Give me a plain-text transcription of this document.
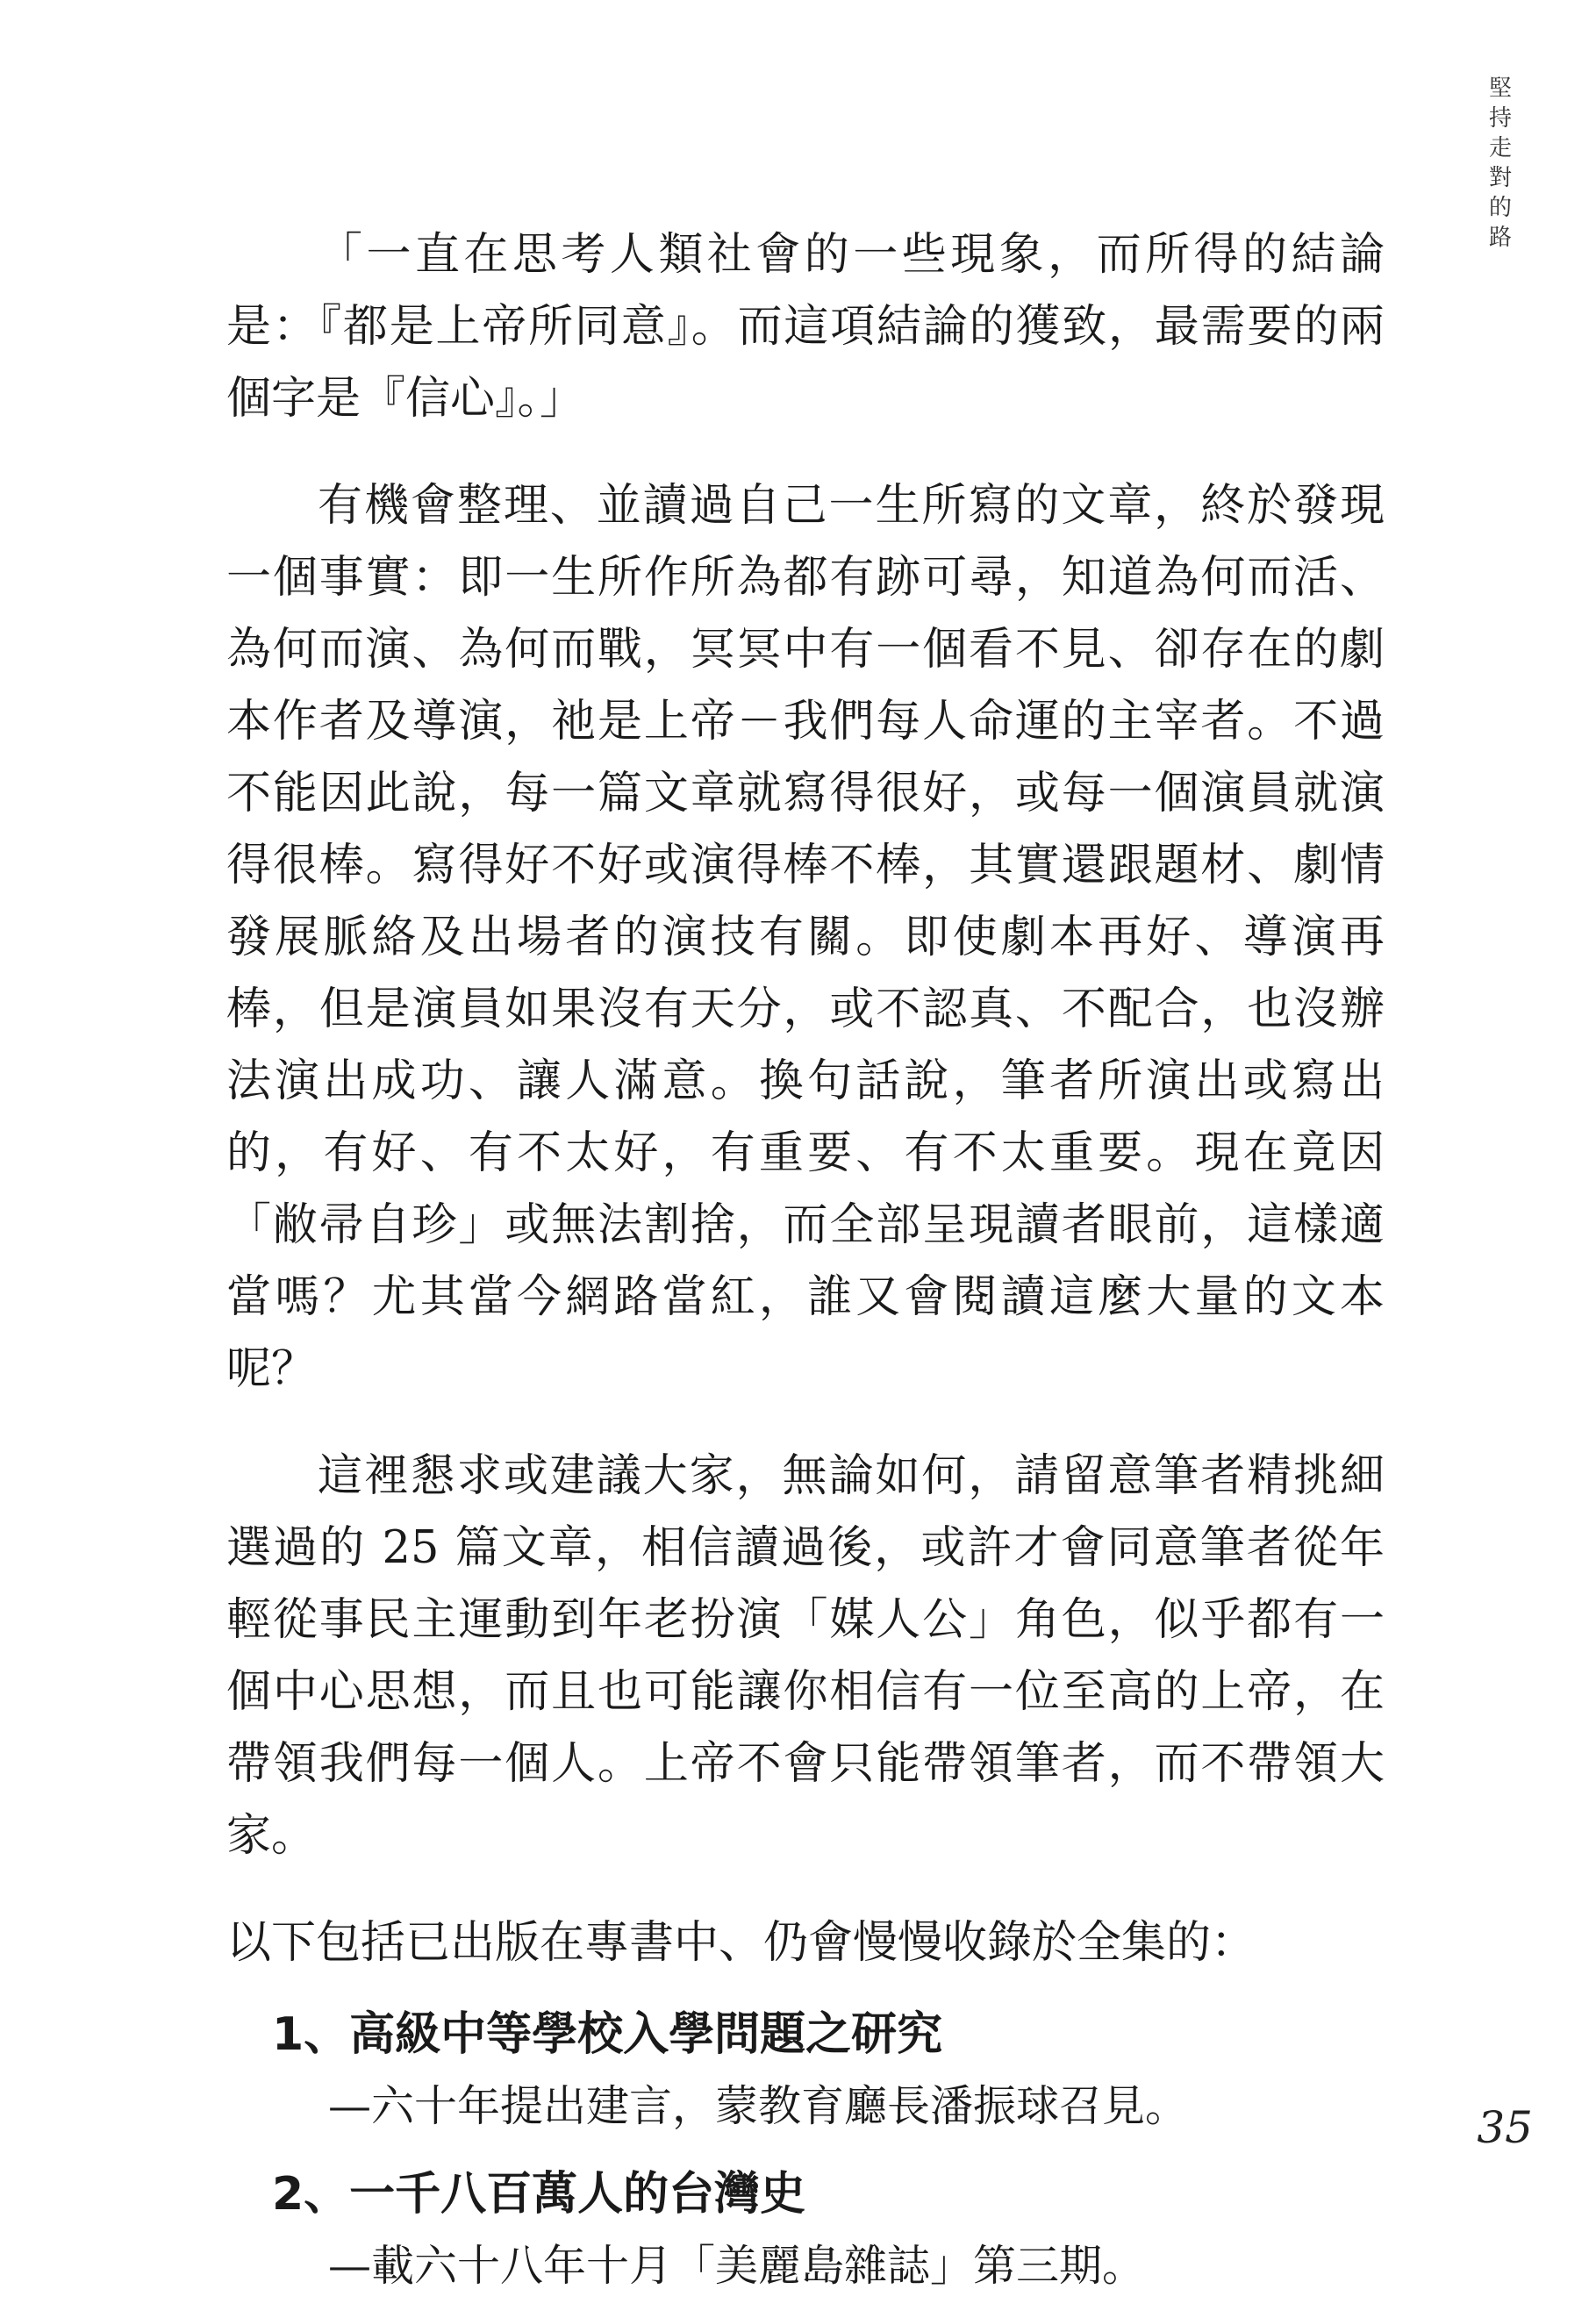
堅持走對的路

「一直在思考人類社會的一些現象，而所得的結論是：『都是上帝所同意』。而這項結論的獲致，最需要的兩個字是『信心』。」

有機會整理、並讀過自己一生所寫的文章，終於發現一個事實：即一生所作所為都有跡可尋，知道為何而活、為何而演、為何而戰，冥冥中有一個看不見、卻存在的劇本作者及導演，祂是上帝－我們每人命運的主宰者。不過不能因此說，每一篇文章就寫得很好，或每一個演員就演得很棒。寫得好不好或演得棒不棒，其實還跟題材、劇情發展脈絡及出場者的演技有關。即使劇本再好、導演再棒，但是演員如果沒有天分，或不認真、不配合，也沒辦法演出成功、讓人滿意。換句話說，筆者所演出或寫出的，有好、有不太好，有重要、有不太重要。現在竟因「敝帚自珍」或無法割捨，而全部呈現讀者眼前，這樣適當嗎？尤其當今網路當紅，誰又會閱讀這麼大量的文本呢？

這裡懇求或建議大家，無論如何，請留意筆者精挑細選過的 25 篇文章，相信讀過後，或許才會同意筆者從年輕從事民主運動到年老扮演「媒人公」角色，似乎都有一個中心思想，而且也可能讓你相信有一位至高的上帝，在帶領我們每一個人。上帝不會只能帶領筆者，而不帶領大家。

以下包括已出版在專書中、仍會慢慢收錄於全集的：

1、高級中等學校入學問題之研究
—六十年提出建言，蒙教育廳長潘振球召見。
2、一千八百萬人的台灣史
—載六十八年十月「美麗島雜誌」第三期。
35
